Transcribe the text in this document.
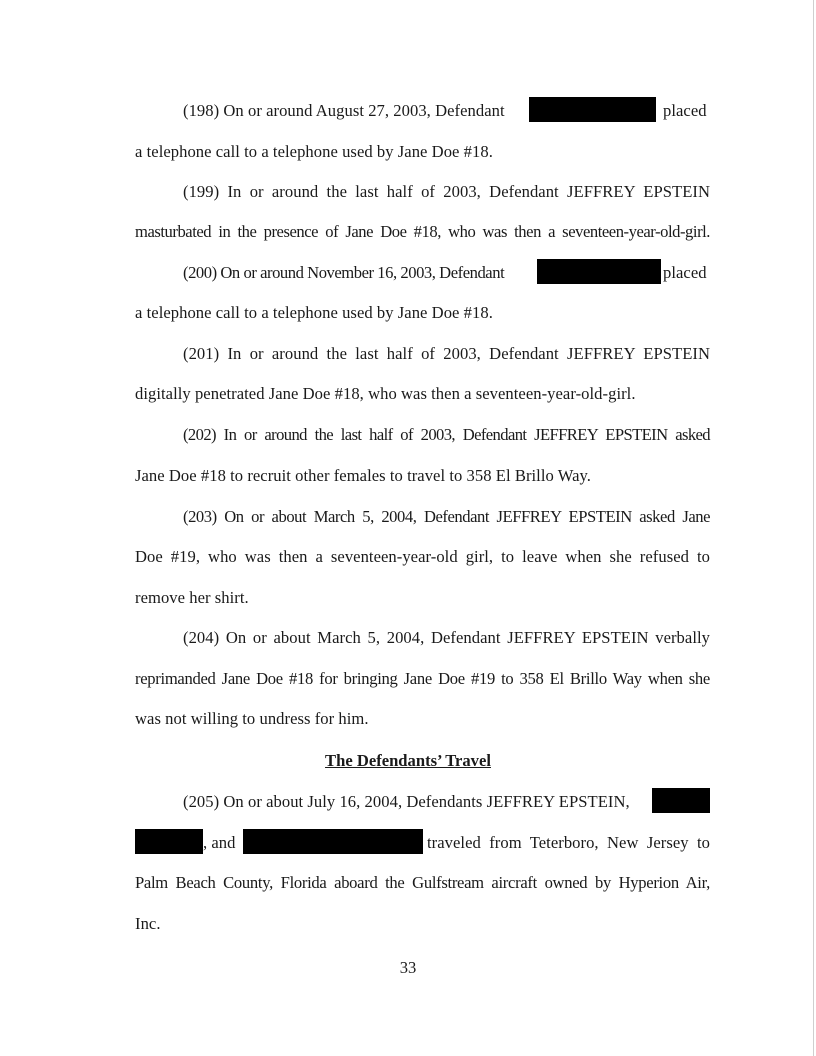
(198) On or around August 27, 2003, Defendant	placed
a telephone call to a telephone used by Jane Doe #18.
(199) In or around the last half of 2003, Defendant JEFFREY EPSTEIN
masturbated in the presence of Jane Doe #18, who was then a seventeen-year-old-girl.
(200) On or around November 16, 2003, Defendant	placed
a telephone call to a telephone used by Jane Doe #18.
(201) In or around the last half of 2003, Defendant JEFFREY EPSTEIN
digitally penetrated Jane Doe #18, who was then a seventeen-year-old-girl.
(202) In or around the last half of 2003, Defendant JEFFREY EPSTEIN asked
Jane Doe #18 to recruit other females to travel to 358 El Brillo Way.
(203) On or about March 5, 2004, Defendant JEFFREY EPSTEIN asked Jane
Doe #19, who was then a seventeen-year-old girl, to leave when she refused to
remove her shirt.
(204) On or about March 5, 2004, Defendant JEFFREY EPSTEIN verbally
reprimanded Jane Doe #18 for bringing Jane Doe #19 to 358 El Brillo Way when she
was not willing to undress for him.
The Defendants’ Travel
(205) On or about July 16, 2004, Defendants JEFFREY EPSTEIN,
, and	traveled from Teterboro, New Jersey to
Palm Beach County, Florida aboard the Gulfstream aircraft owned by Hyperion Air,
Inc.
33
